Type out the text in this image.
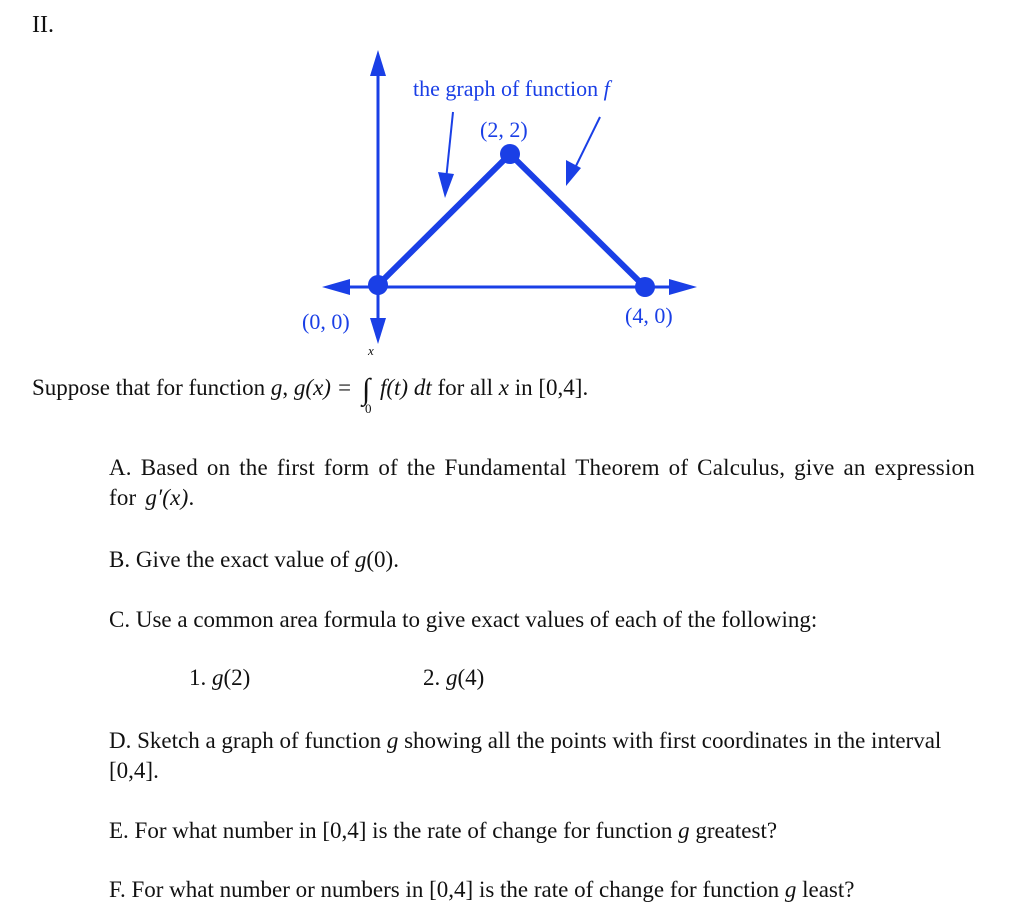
II.
the graph of function f
(2, 2)
(0, 0)	(4, 0)
Suppose that for function g, g(x) = ∫
x
0
f(t) dt for all x in [0,4].
A. Based on the first form of the Fundamental Theorem of Calculus, give an expression for g′(x).
B. Give the exact value of g(0).
C. Use a common area formula to give exact values of each of the following:
1. g(2)	2. g(4)
D. Sketch a graph of function g showing all the points with first coordinates in the interval [0,4].
E. For what number in [0,4] is the rate of change for function g greatest?
F. For what number or numbers in [0,4] is the rate of change for function g least?
